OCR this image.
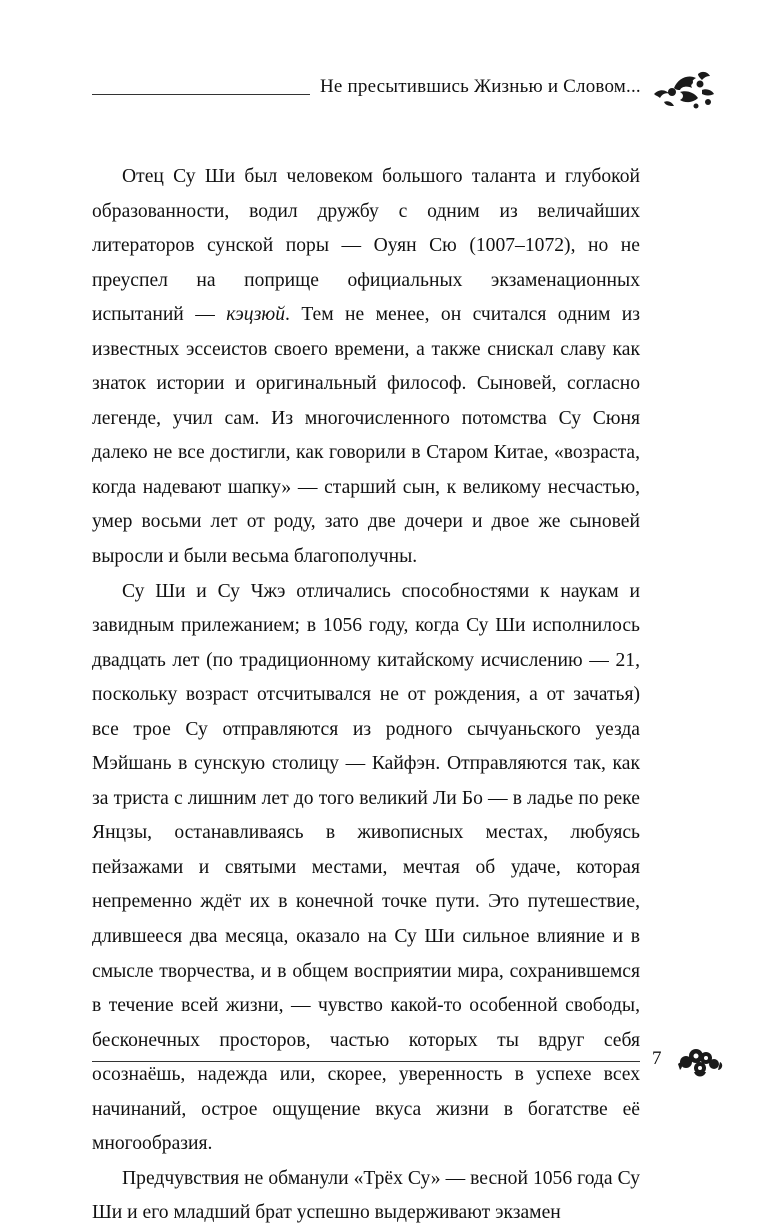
Не пресытившись Жизнью и Словом...

Отец Су Ши был человеком большого таланта и глубокой образованности, водил дружбу с одним из величайших литераторов сунской поры — Оуян Сю (1007–1072), но не преуспел на поприще официальных экзаменационных испытаний — кэцзюй. Тем не менее, он считался одним из известных эссеистов своего времени, а также снискал славу как знаток истории и оригинальный философ. Сыновей, согласно легенде, учил сам. Из многочисленного потомства Су Сюня далеко не все достигли, как говорили в Старом Китае, «возраста, когда надевают шапку» — старший сын, к великому несчастью, умер восьми лет от роду, зато две дочери и двое же сыновей выросли и были весьма благополучны.

Су Ши и Су Чжэ отличались способностями к наукам и завидным прилежанием; в 1056 году, когда Су Ши исполнилось двадцать лет (по традиционному китайскому исчислению — 21, поскольку возраст отсчитывался не от рождения, а от зачатья) все трое Су отправляются из родного сычуаньского уезда Мэйшань в сунскую столицу — Кайфэн. Отправляются так, как за триста с лишним лет до того великий Ли Бо — в ладье по реке Янцзы, останавливаясь в живописных местах, любуясь пейзажами и святыми местами, мечтая об удаче, которая непременно ждёт их в конечной точке пути. Это путешествие, длившееся два месяца, оказало на Су Ши сильное влияние и в смысле творчества, и в общем восприятии мира, сохранившемся в течение всей жизни, — чувство какой-то особенной свободы, бесконечных просторов, частью которых ты вдруг себя осознаёшь, надежда или, скорее, уверенность в успехе всех начинаний, острое ощущение вкуса жизни в богатстве её многообразия.

Предчувствия не обманули «Трёх Су» — весной 1056 года Су Ши и его младший брат успешно выдерживают экзамен

7
